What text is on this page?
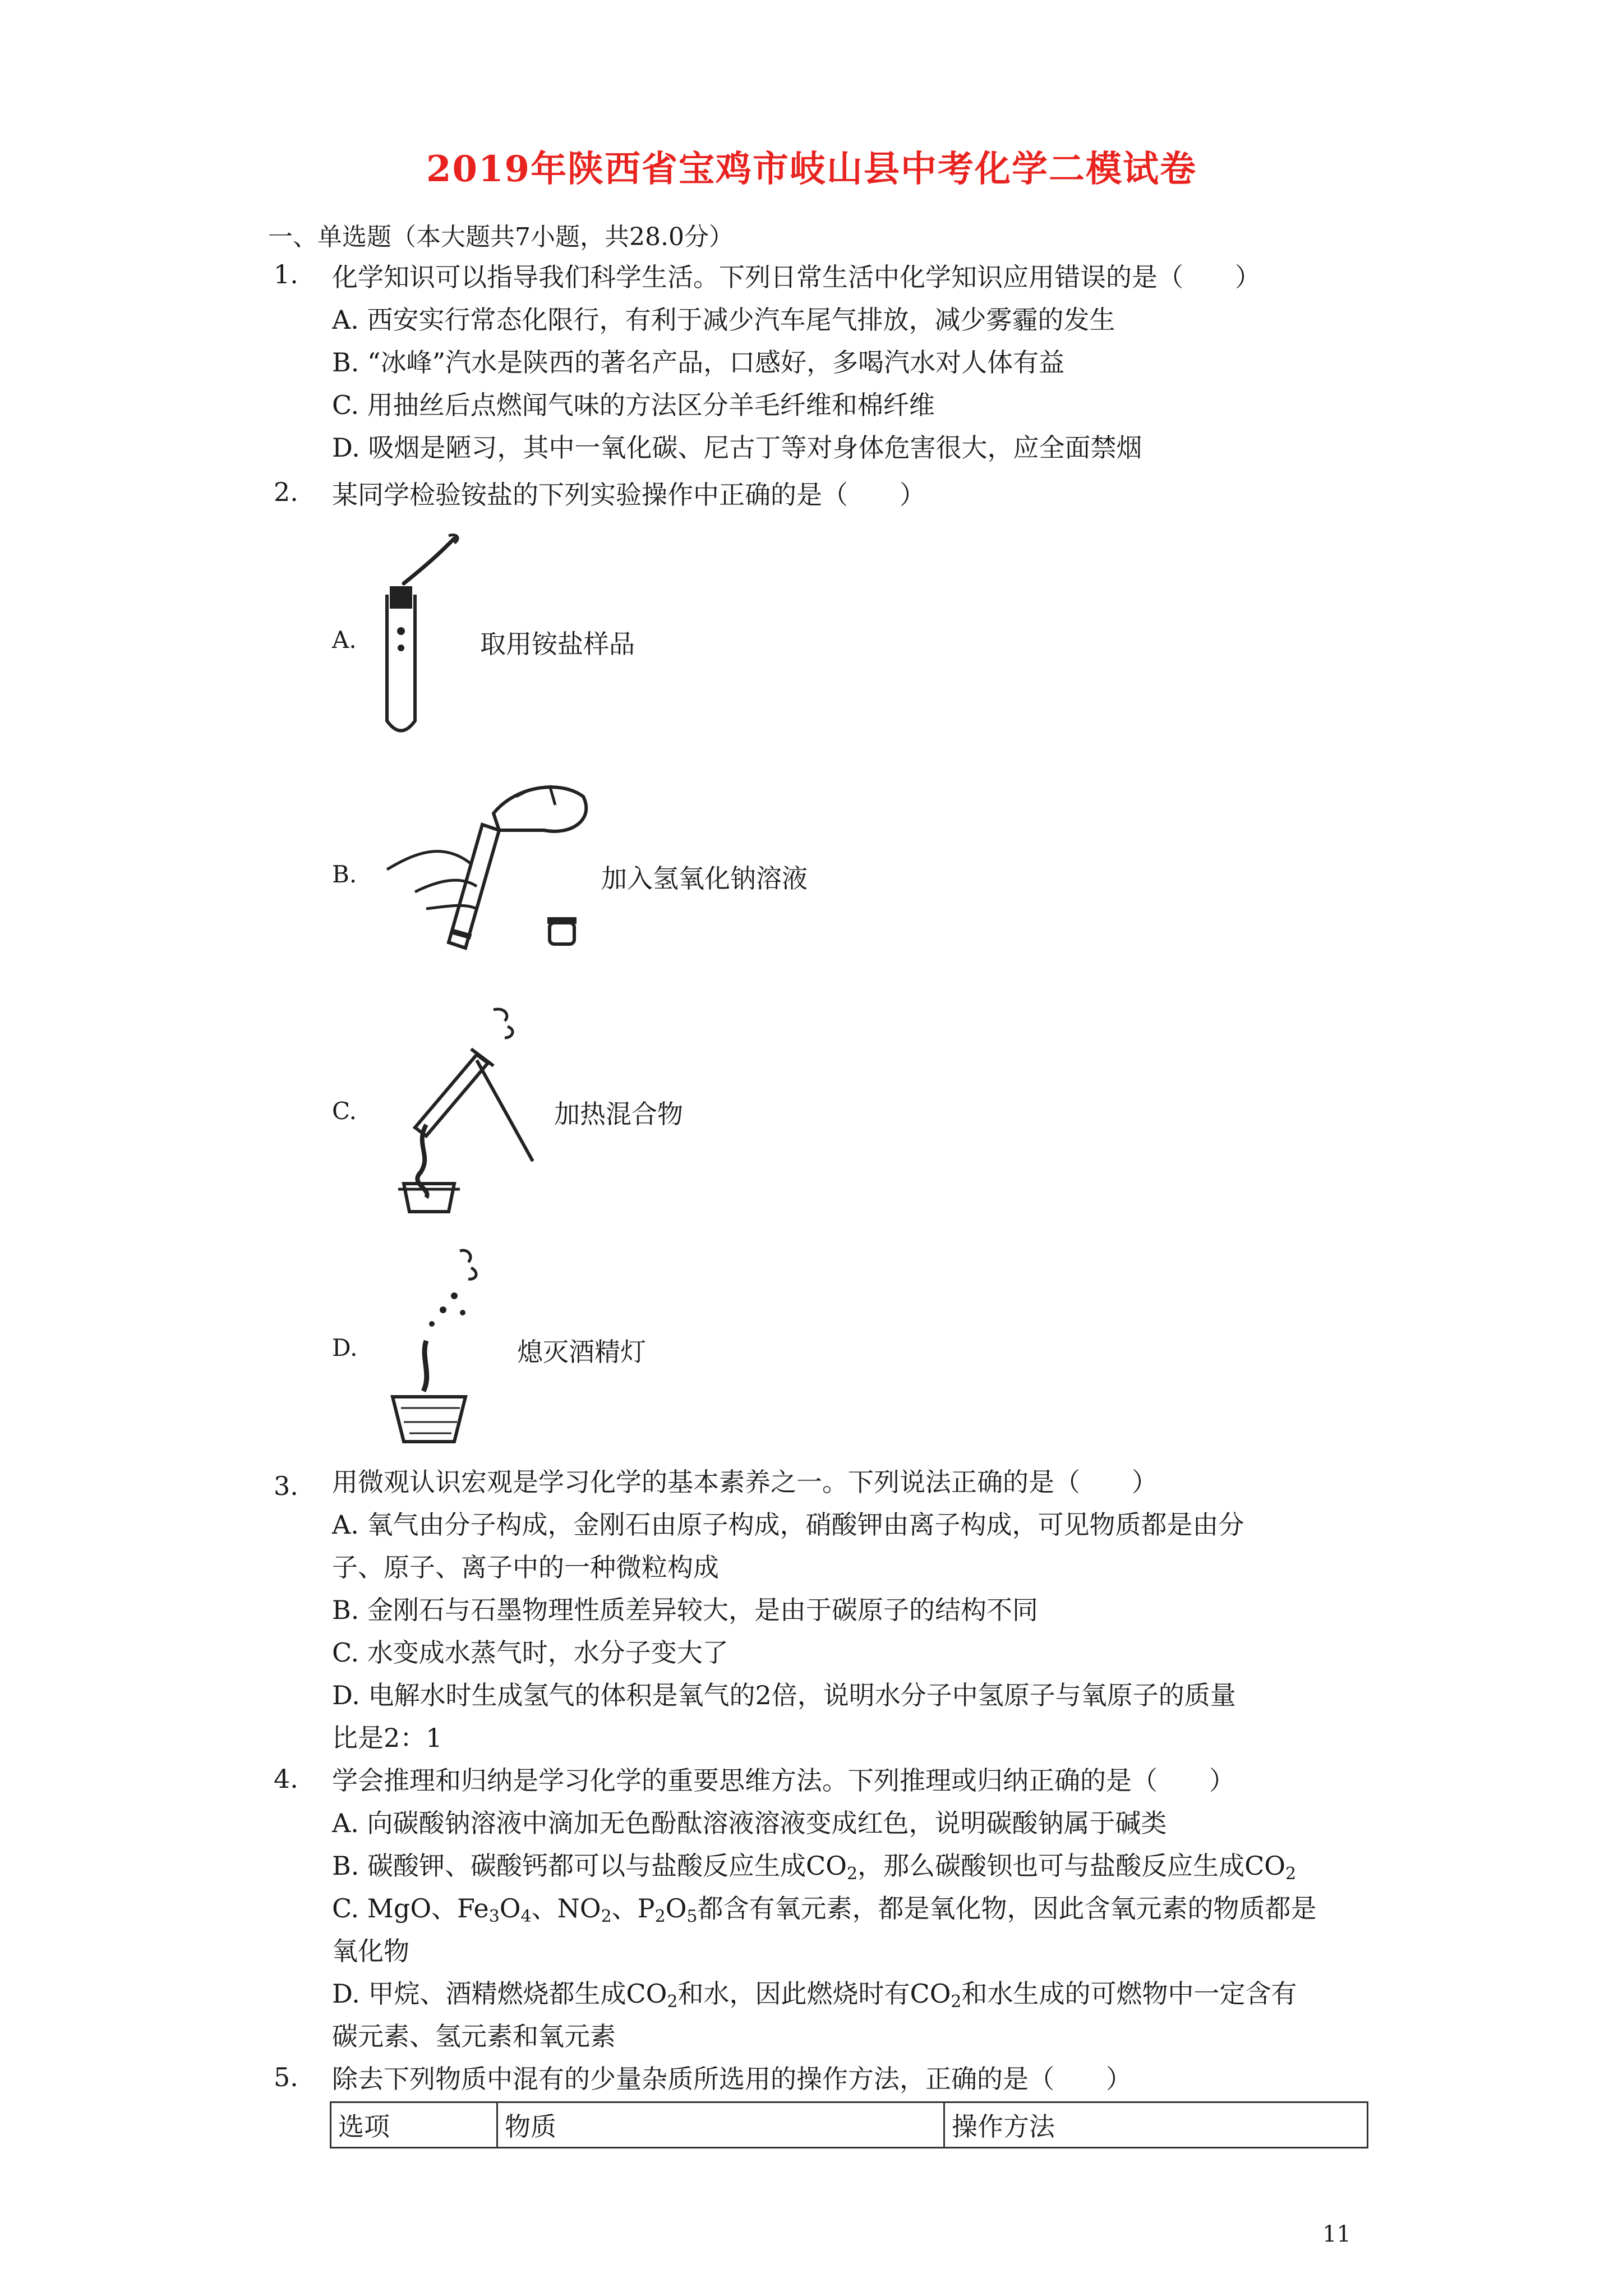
2019年陕西省宝鸡市岐山县中考化学二模试卷
一、单选题（本大题共7小题，共28.0分）
1. 化学知识可以指导我们科学生活。下列日常生活中化学知识应用错误的是（　　）
A. 西安实行常态化限行，有利于减少汽车尾气排放，减少雾霾的发生
B. “冰峰”汽水是陕西的著名产品，口感好，多喝汽水对人体有益
C. 用抽丝后点燃闻气味的方法区分羊毛纤维和棉纤维
D. 吸烟是陋习，其中一氧化碳、尼古丁等对身体危害很大，应全面禁烟
2. 某同学检验铵盐的下列实验操作中正确的是（　　）
A.	取用铵盐样品
B.	加入氢氧化钠溶液
C.	加热混合物
D.	熄灭酒精灯
3. 用微观认识宏观是学习化学的基本素养之一。下列说法正确的是（　　）
A. 氧气由分子构成，金刚石由原子构成，硝酸钾由离子构成，可见物质都是由分
子、原子、离子中的一种微粒构成
B. 金刚石与石墨物理性质差异较大，是由于碳原子的结构不同
C. 水变成水蒸气时，水分子变大了
D. 电解水时生成氢气的体积是氧气的2倍，说明水分子中氢原子与氧原子的质量
比是2：1
4. 学会推理和归纳是学习化学的重要思维方法。下列推理或归纳正确的是（　　）
A. 向碳酸钠溶液中滴加无色酚酞溶液溶液变成红色，说明碳酸钠属于碱类
B. 碳酸钾、碳酸钙都可以与盐酸反应生成$CO_2$，那么碳酸钡也可与盐酸反应生成$CO_2$
11
C. MgO、$Fe_3O_4$、$NO_2$、$P_2O_5$都含有氧元素，都是氧化物，因此含氧元素的物质都是
氧化物
D. 甲烷、酒精燃烧都生成$CO_2$和水，因此燃烧时有$CO_2$和水生成的可燃物中一定含有
碳元素、氢元素和氧元素
5. 除去下列物质中混有的少量杂质所选用的操作方法，正确的是（　　）
选项	物质	操作方法
